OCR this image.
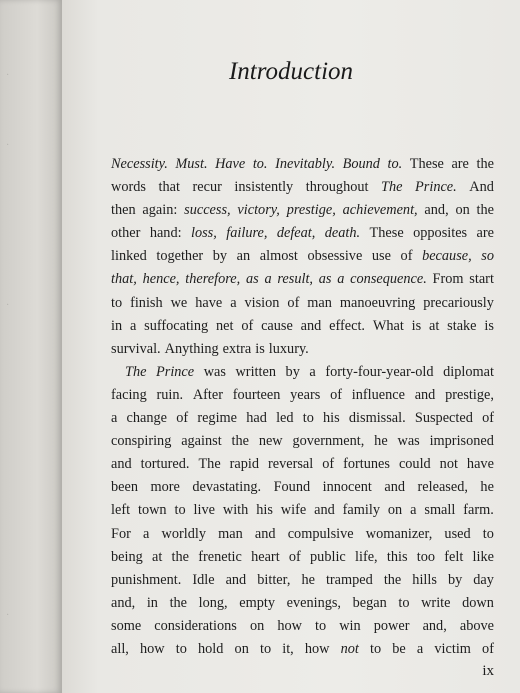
·
·
·
·
Introduction
Necessity. Must. Have to. Inevitably. Bound to. These are the
words that recur insistently throughout The Prince. And
then again: success, victory, prestige, achievement, and, on the
other hand: loss, failure, defeat, death. These opposites are
linked together by an almost obsessive use of because, so
that, hence, therefore, as a result, as a consequence. From start
to finish we have a vision of man manoeuvring precariously
in a suffocating net of cause and effect. What is at stake is
survival. Anything extra is luxury.
The Prince was written by a forty-four-year-old diplomat
facing ruin. After fourteen years of influence and prestige,
a change of regime had led to his dismissal. Suspected of
conspiring against the new government, he was imprisoned
and tortured. The rapid reversal of fortunes could not have
been more devastating. Found innocent and released, he
left town to live with his wife and family on a small farm.
For a worldly man and compulsive womanizer, used to
being at the frenetic heart of public life, this too felt like
punishment. Idle and bitter, he tramped the hills by day
and, in the long, empty evenings, began to write down
some considerations on how to win power and, above
all, how to hold on to it, how not to be a victim of
ix
